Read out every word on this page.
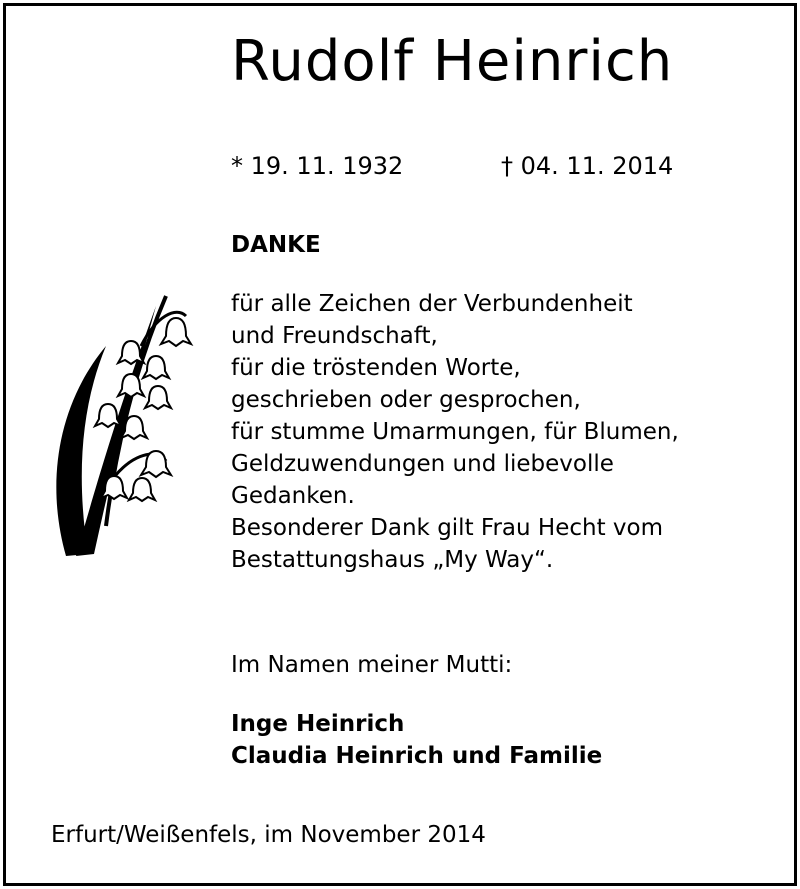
Rudolf Heinrich
* 19. 11. 1932	† 04. 11. 2014
DANKE
für alle Zeichen der Verbundenheit
und Freundschaft,
für die tröstenden Worte,
geschrieben oder gesprochen,
für stumme Umarmungen, für Blumen,
Geldzuwendungen und liebevolle
Gedanken.
Besonderer Dank gilt Frau Hecht vom
Bestattungshaus „My Way“.
Im Namen meiner Mutti:
Inge Heinrich
Claudia Heinrich und Familie
Erfurt/Weißenfels, im November 2014
